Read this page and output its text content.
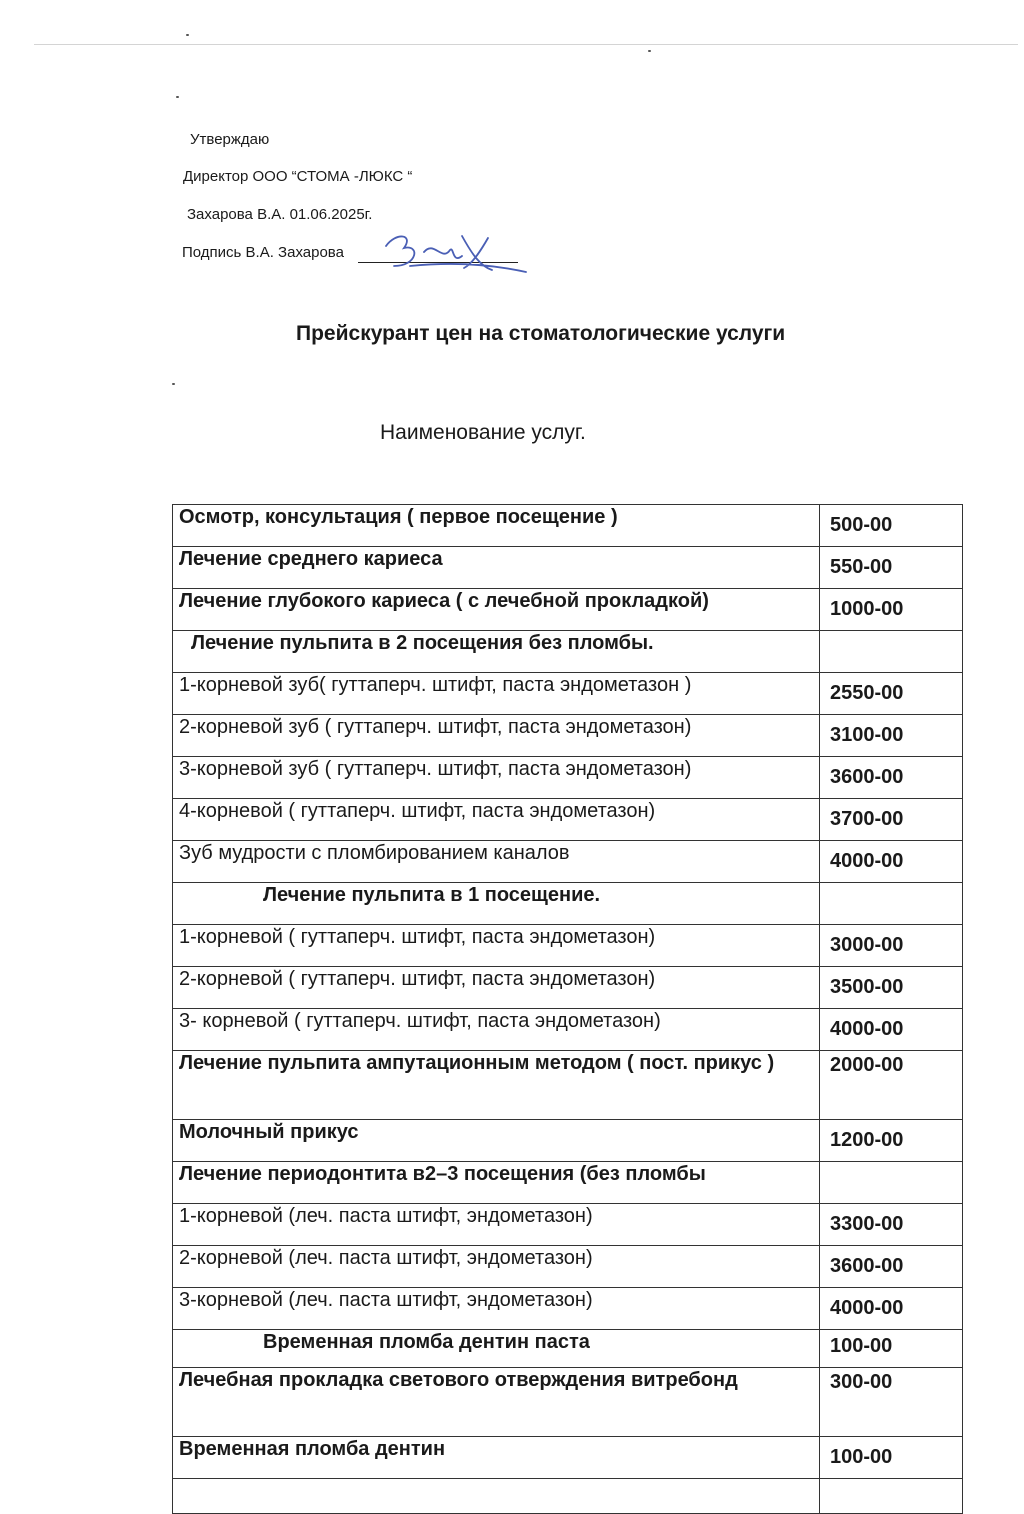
Утверждаю
Директор ООО “СТОМА -ЛЮКС “
Захарова В.А. 01.06.2025г.
Подпись В.А. Захарова
Прейскурант цен на стоматологические услуги
Наименование услуг.
Осмотр, консультация ( первое посещение )	500-00
Лечение среднего кариеса	550-00
Лечение глубокого кариеса ( с лечебной прокладкой)	1000-00
Лечение пульпита в 2 посещения без пломбы.	
1-корневой зуб( гуттаперч. штифт, паста эндометазон )	2550-00
2-корневой зуб ( гуттаперч. штифт, паста эндометазон)	3100-00
3-корневой зуб ( гуттаперч. штифт, паста эндометазон)	3600-00
4-корневой ( гуттаперч. штифт, паста эндометазон)	3700-00
Зуб мудрости с пломбированием каналов	4000-00
Лечение пульпита в 1 посещение.	
1-корневой ( гуттаперч. штифт, паста эндометазон)	3000-00
2-корневой ( гуттаперч. штифт, паста эндометазон)	3500-00
3- корневой ( гуттаперч. штифт, паста эндометазон)	4000-00
Лечение пульпита ампутационным методом ( пост. прикус )	2000-00
Молочный прикус	1200-00
Лечение периодонтита в2–3 посещения (без пломбы	
1-корневой (леч. паста штифт, эндометазон)	3300-00
2-корневой (леч. паста штифт, эндометазон)	3600-00
3-корневой (леч. паста штифт, эндометазон)	4000-00
Временная пломба дентин паста	100-00
Лечебная прокладка светового отверждения витребонд	300-00
Временная пломба дентин	100-00
